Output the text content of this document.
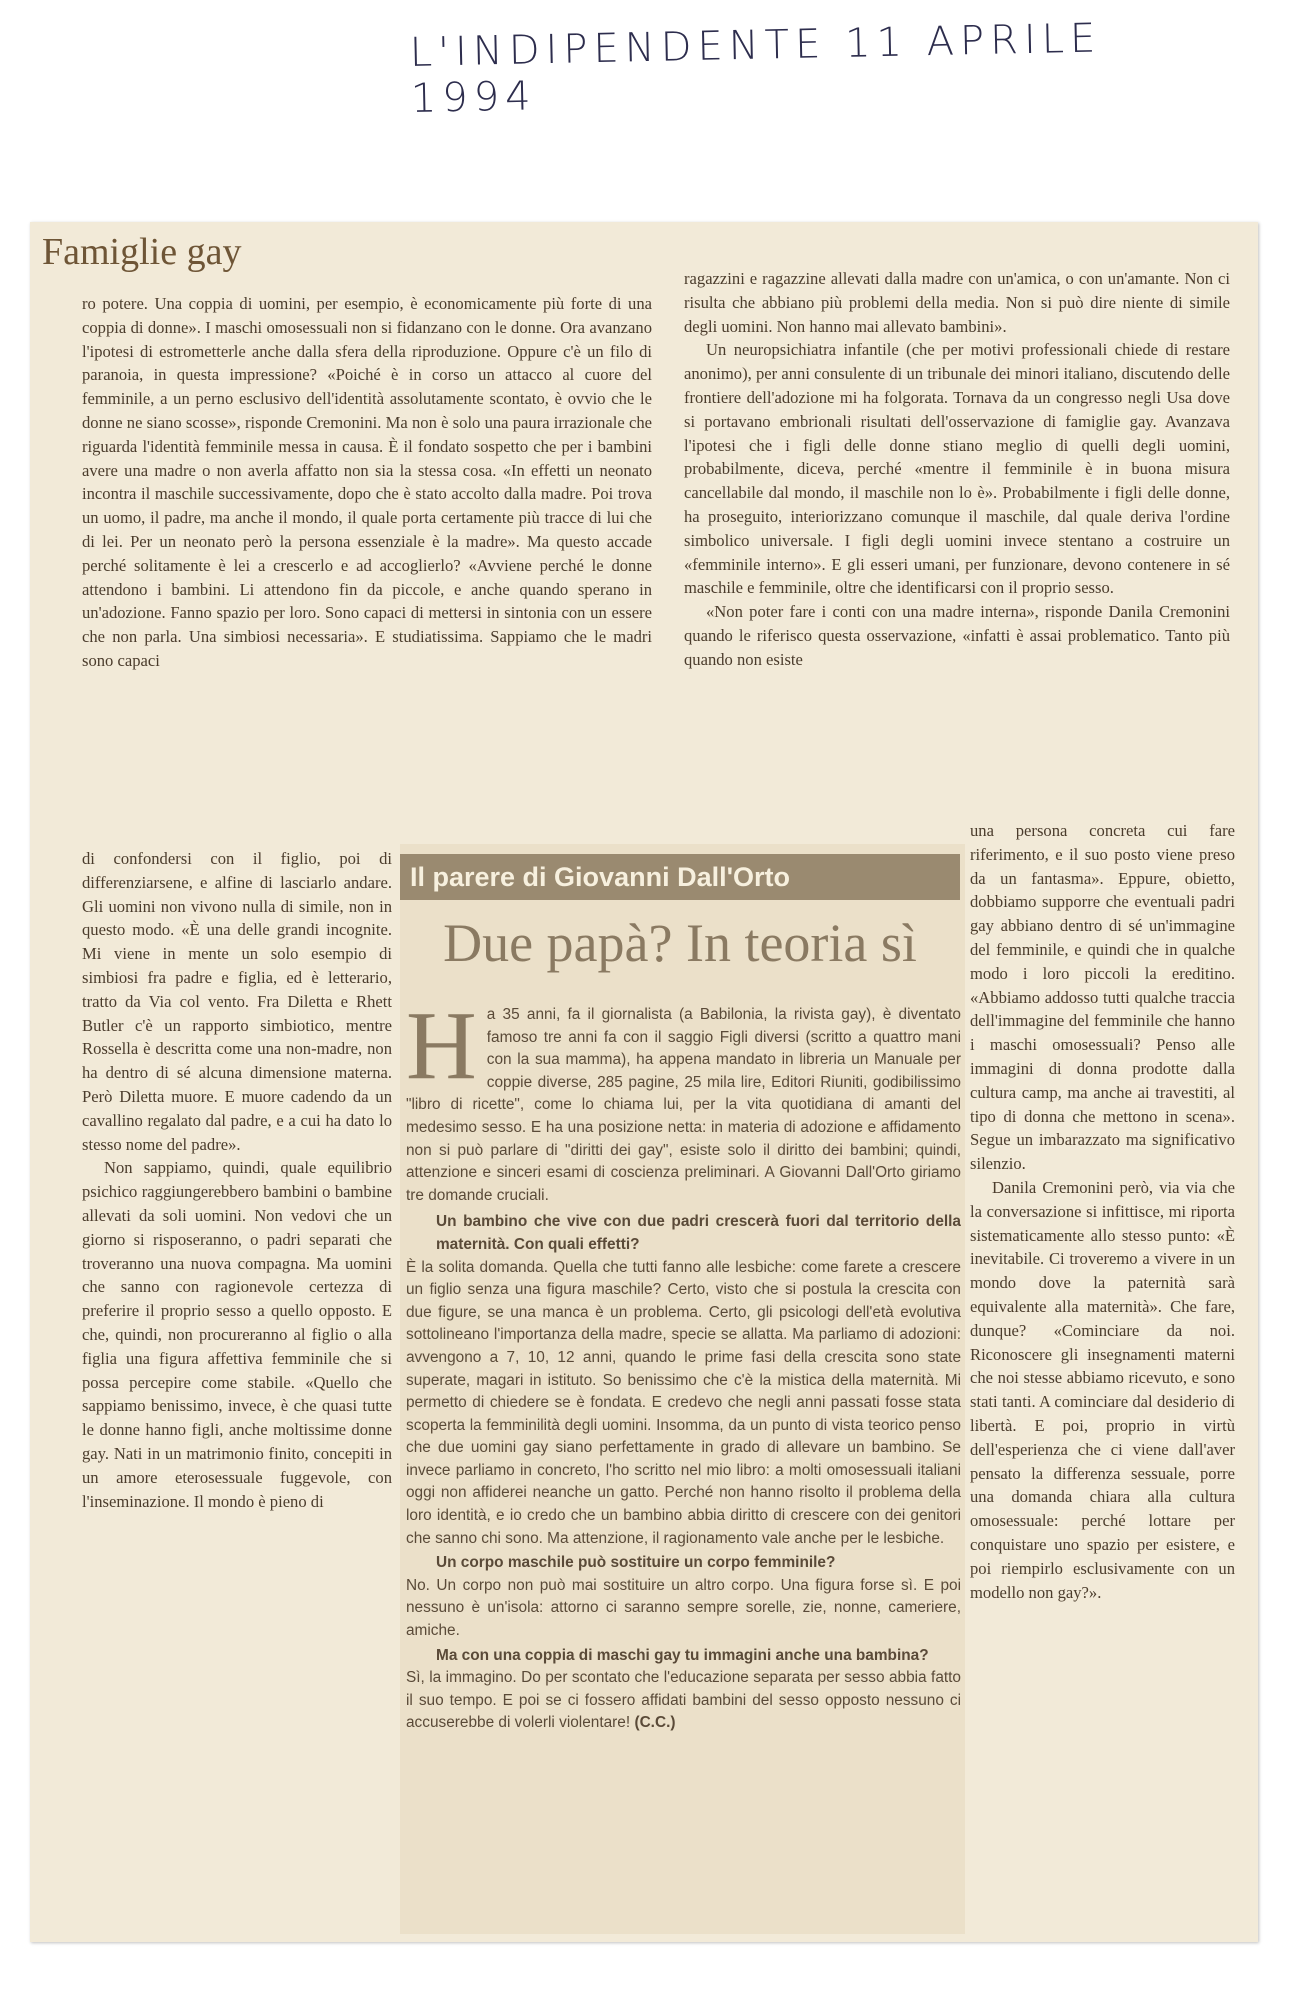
L'INDIPENDENTE 11 APRILE 1994
Famiglie gay

ro potere. Una coppia di uomini, per esempio, è economicamente più forte di una coppia di donne». I maschi omosessuali non si fidanzano con le donne. Ora avanzano l'ipotesi di estrometterle anche dalla sfera della riproduzione. Oppure c'è un filo di paranoia, in questa impressione? «Poiché è in corso un attacco al cuore del femminile, a un perno esclusivo dell'identità assolutamente scontato, è ovvio che le donne ne siano scosse», risponde Cremonini. Ma non è solo una paura irrazionale che riguarda l'identità femminile messa in causa. È il fondato sospetto che per i bambini avere una madre o non averla affatto non sia la stessa cosa. «In effetti un neonato incontra il maschile successivamente, dopo che è stato accolto dalla madre. Poi trova un uomo, il padre, ma anche il mondo, il quale porta certamente più tracce di lui che di lei. Per un neonato però la persona essenziale è la madre». Ma questo accade perché solitamente è lei a crescerlo e ad accoglierlo? «Avviene perché le donne attendono i bambini. Li attendono fin da piccole, e anche quando sperano in un'adozione. Fanno spazio per loro. Sono capaci di mettersi in sintonia con un essere che non parla. Una simbiosi necessaria». E studiatissima. Sappiamo che le madri sono capaci

di confondersi con il figlio, poi di differenziarsene, e alfine di lasciarlo andare. Gli uomini non vivono nulla di simile, non in questo modo. «È una delle grandi incognite. Mi viene in mente un solo esempio di simbiosi fra padre e figlia, ed è letterario, tratto da Via col vento. Fra Diletta e Rhett Butler c'è un rapporto simbiotico, mentre Rossella è descritta come una non-madre, non ha dentro di sé alcuna dimensione materna. Però Diletta muore. E muore cadendo da un cavallino regalato dal padre, e a cui ha dato lo stesso nome del padre».

Non sappiamo, quindi, quale equilibrio psichico raggiungerebbero bambini o bambine allevati da soli uomini. Non vedovi che un giorno si risposeranno, o padri separati che troveranno una nuova compagna. Ma uomini che sanno con ragionevole certezza di preferire il proprio sesso a quello opposto. E che, quindi, non procureranno al figlio o alla figlia una figura affettiva femminile che si possa percepire come stabile. «Quello che sappiamo benissimo, invece, è che quasi tutte le donne hanno figli, anche moltissime donne gay. Nati in un matrimonio finito, concepiti in un amore eterosessuale fuggevole, con l'inseminazione. Il mondo è pieno di

ragazzini e ragazzine allevati dalla madre con un'amica, o con un'amante. Non ci risulta che abbiano più problemi della media. Non si può dire niente di simile degli uomini. Non hanno mai allevato bambini».

Un neuropsichiatra infantile (che per motivi professionali chiede di restare anonimo), per anni consulente di un tribunale dei minori italiano, discutendo delle frontiere dell'adozione mi ha folgorata. Tornava da un congresso negli Usa dove si portavano embrionali risultati dell'osservazione di famiglie gay. Avanzava l'ipotesi che i figli delle donne stiano meglio di quelli degli uomini, probabilmente, diceva, perché «mentre il femminile è in buona misura cancellabile dal mondo, il maschile non lo è». Probabilmente i figli delle donne, ha proseguito, interiorizzano comunque il maschile, dal quale deriva l'ordine simbolico universale. I figli degli uomini invece stentano a costruire un «femminile interno». E gli esseri umani, per funzionare, devono contenere in sé maschile e femminile, oltre che identificarsi con il proprio sesso.

«Non poter fare i conti con una madre interna», risponde Danila Cremonini quando le riferisco questa osservazione, «infatti è assai problematico. Tanto più quando non esiste

una persona concreta cui fare riferimento, e il suo posto viene preso da un fantasma». Eppure, obietto, dobbiamo supporre che eventuali padri gay abbiano dentro di sé un'immagine del femminile, e quindi che in qualche modo i loro piccoli la ereditino. «Abbiamo addosso tutti qualche traccia dell'immagine del femminile che hanno i maschi omosessuali? Penso alle immagini di donna prodotte dalla cultura camp, ma anche ai travestiti, al tipo di donna che mettono in scena». Segue un imbarazzato ma significativo silenzio.

Danila Cremonini però, via via che la conversazione si infittisce, mi riporta sistematicamente allo stesso punto: «È inevitabile. Ci troveremo a vivere in un mondo dove la paternità sarà equivalente alla maternità». Che fare, dunque? «Cominciare da noi. Riconoscere gli insegnamenti materni che noi stesse abbiamo ricevuto, e sono stati tanti. A cominciare dal desiderio di libertà. E poi, proprio in virtù dell'esperienza che ci viene dall'aver pensato la differenza sessuale, porre una domanda chiara alla cultura omosessuale: perché lottare per conquistare uno spazio per esistere, e poi riempirlo esclusivamente con un modello non gay?».

Il parere di Giovanni Dall'Orto
Due papà? In teoria sì

Ha 35 anni, fa il giornalista (a Babilonia, la rivista gay), è diventato famoso tre anni fa con il saggio Figli diversi (scritto a quattro mani con la sua mamma), ha appena mandato in libreria un Manuale per coppie diverse, 285 pagine, 25 mila lire, Editori Riuniti, godibilissimo "libro di ricette", come lo chiama lui, per la vita quotidiana di amanti del medesimo sesso. E ha una posizione netta: in materia di adozione e affidamento non si può parlare di "diritti dei gay", esiste solo il diritto dei bambini; quindi, attenzione e sinceri esami di coscienza preliminari. A Giovanni Dall'Orto giriamo tre domande cruciali.

Un bambino che vive con due padri crescerà fuori dal territorio della maternità. Con quali effetti?

È la solita domanda. Quella che tutti fanno alle lesbiche: come farete a crescere un figlio senza una figura maschile? Certo, visto che si postula la crescita con due figure, se una manca è un problema. Certo, gli psicologi dell'età evolutiva sottolineano l'importanza della madre, specie se allatta. Ma parliamo di adozioni: avvengono a 7, 10, 12 anni, quando le prime fasi della crescita sono state superate, magari in istituto. So benissimo che c'è la mistica della maternità. Mi permetto di chiedere se è fondata. E credevo che negli anni passati fosse stata scoperta la femminilità degli uomini. Insomma, da un punto di vista teorico penso che due uomini gay siano perfettamente in grado di allevare un bambino. Se invece parliamo in concreto, l'ho scritto nel mio libro: a molti omosessuali italiani oggi non affiderei neanche un gatto. Perché non hanno risolto il problema della loro identità, e io credo che un bambino abbia diritto di crescere con dei genitori che sanno chi sono. Ma attenzione, il ragionamento vale anche per le lesbiche.

Un corpo maschile può sostituire un corpo femminile?

No. Un corpo non può mai sostituire un altro corpo. Una figura forse sì. E poi nessuno è un'isola: attorno ci saranno sempre sorelle, zie, nonne, cameriere, amiche.

Ma con una coppia di maschi gay tu immagini anche una bambina?

Sì, la immagino. Do per scontato che l'educazione separata per sesso abbia fatto il suo tempo. E poi se ci fossero affidati bambini del sesso opposto nessuno ci accuserebbe di volerli violentare! (C.C.)
